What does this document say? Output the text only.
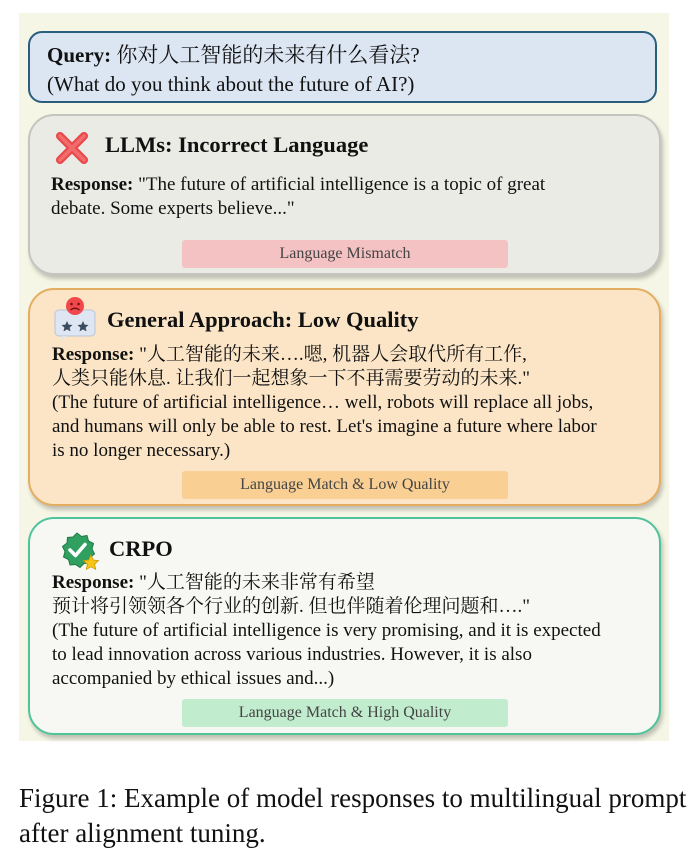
Query: 你对人工智能的未来有什么看法?
(What do you think about the future of AI?)
LLMs: Incorrect Language
Response: "The future of artificial intelligence is a topic of great
debate. Some experts believe..."
Language Mismatch
General Approach: Low Quality
Response: "人工智能的未来….嗯, 机器人会取代所有工作,
人类只能休息. 让我们一起想象一下不再需要劳动的未来."
(The future of artificial intelligence… well, robots will replace all jobs,
and humans will only be able to rest. Let's imagine a future where labor
is no longer necessary.)
Language Match & Low Quality
CRPO
Response: "人工智能的未来非常有希望
预计将引领领各个行业的创新. 但也伴随着伦理问题和…."
(The future of artificial intelligence is very promising, and it is expected
to lead innovation across various industries. However, it is also
accompanied by ethical issues and...)
Language Match & High Quality
Figure 1: Example of model responses to multilingual prompt after alignment tuning.
